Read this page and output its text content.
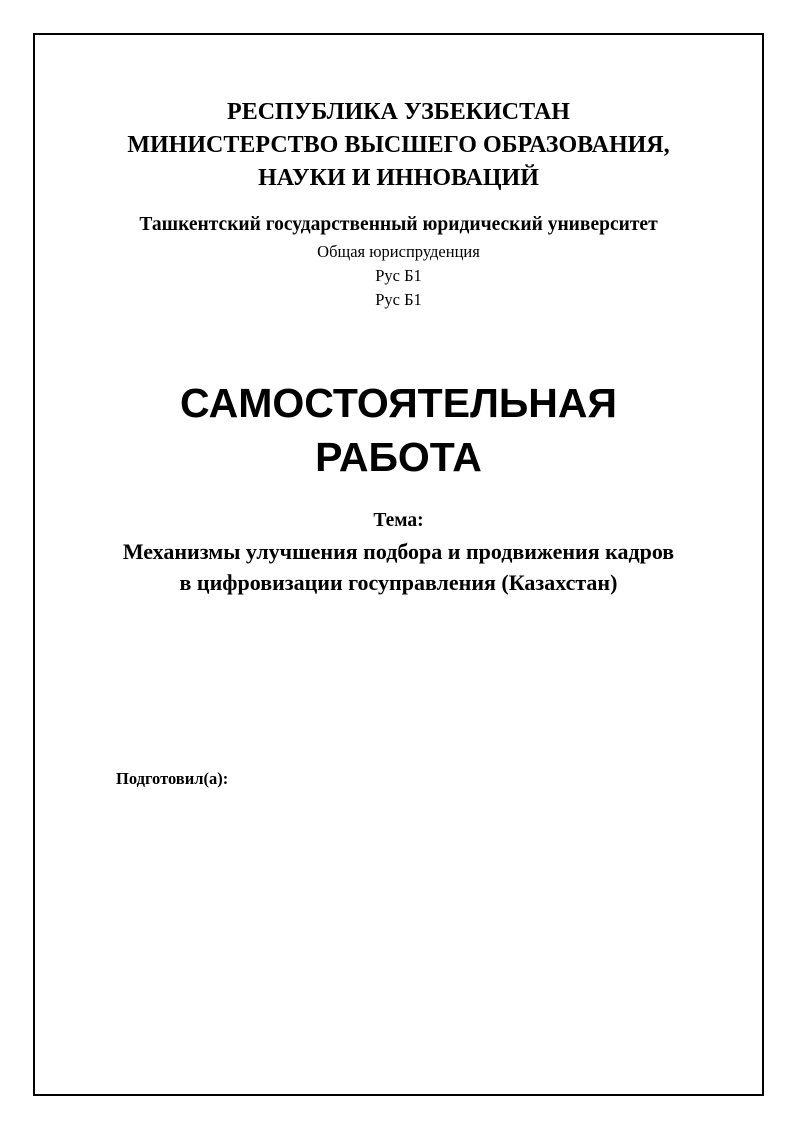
РЕСПУБЛИКА УЗБЕКИСТАН
МИНИСТЕРСТВО ВЫСШЕГО ОБРАЗОВАНИЯ,
НАУКИ И ИННОВАЦИЙ
Ташкентский государственный юридический университет
Общая юриспруденция
Рус Б1
Рус Б1
САМОСТОЯТЕЛЬНАЯ
РАБОТА
Тема:
Механизмы улучшения подбора и продвижения кадров
в цифровизации госуправления (Казахстан)
Подготовил(а):
